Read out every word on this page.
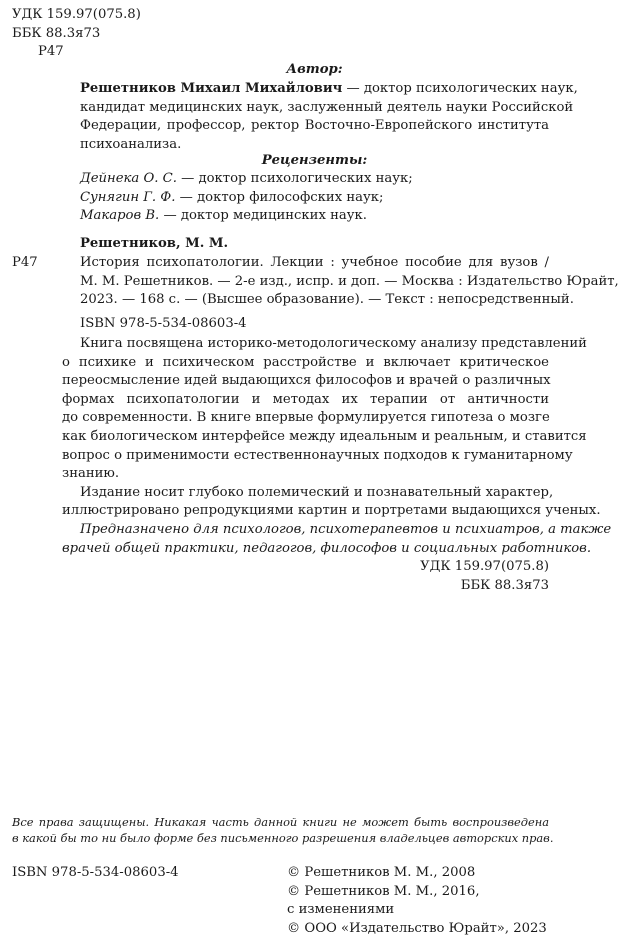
УДК 159.97(075.8)
ББК 88.3я73
Р47
Автор:
Решетников Михаил Михайлович — доктор психологических наук,
кандидат медицинских наук, заслуженный деятель науки Российской
Федерации, профессор, ректор Восточно-Европейского института
психоанализа.
Рецензенты:
Дейнека О. С. — доктор психологических наук;
Сунягин Г. Ф. — доктор философских наук;
Макаров В. — доктор медицинских наук.
Решетников, М. М.
Р47	История психопатологии. Лекции : учебное пособие для вузов /
М. М. Решетников. — 2-е изд., испр. и доп. — Москва : Издательство Юрайт,
2023. — 168 с. — (Высшее образование). — Текст : непосредственный.
ISBN 978-5-534-08603-4
Книга посвящена историко-методологическому анализу представлений
о психике и психическом расстройстве и включает критическое
переосмысление идей выдающихся философов и врачей о различных
формах психопатологии и методах их терапии от античности
до современности. В книге впервые формулируется гипотеза о мозге
как биологическом интерфейсе между идеальным и реальным, и ставится
вопрос о применимости естественнонаучных подходов к гуманитарному
знанию.
Издание носит глубоко полемический и познавательный характер,
иллюстрировано репродукциями картин и портретами выдающихся ученых.
Предназначено для психологов, психотерапевтов и психиатров, а также
врачей общей практики, педагогов, философов и социальных работников.
УДК 159.97(075.8)
ББК 88.3я73
Все права защищены. Никакая часть данной книги не может быть воспроизведена
в какой бы то ни было форме без письменного разрешения владельцев авторских прав.
ISBN 978-5-534-08603-4	© Решетников М. М., 2008
© Решетников М. М., 2016,
с изменениями
© ООО «Издательство Юрайт», 2023
